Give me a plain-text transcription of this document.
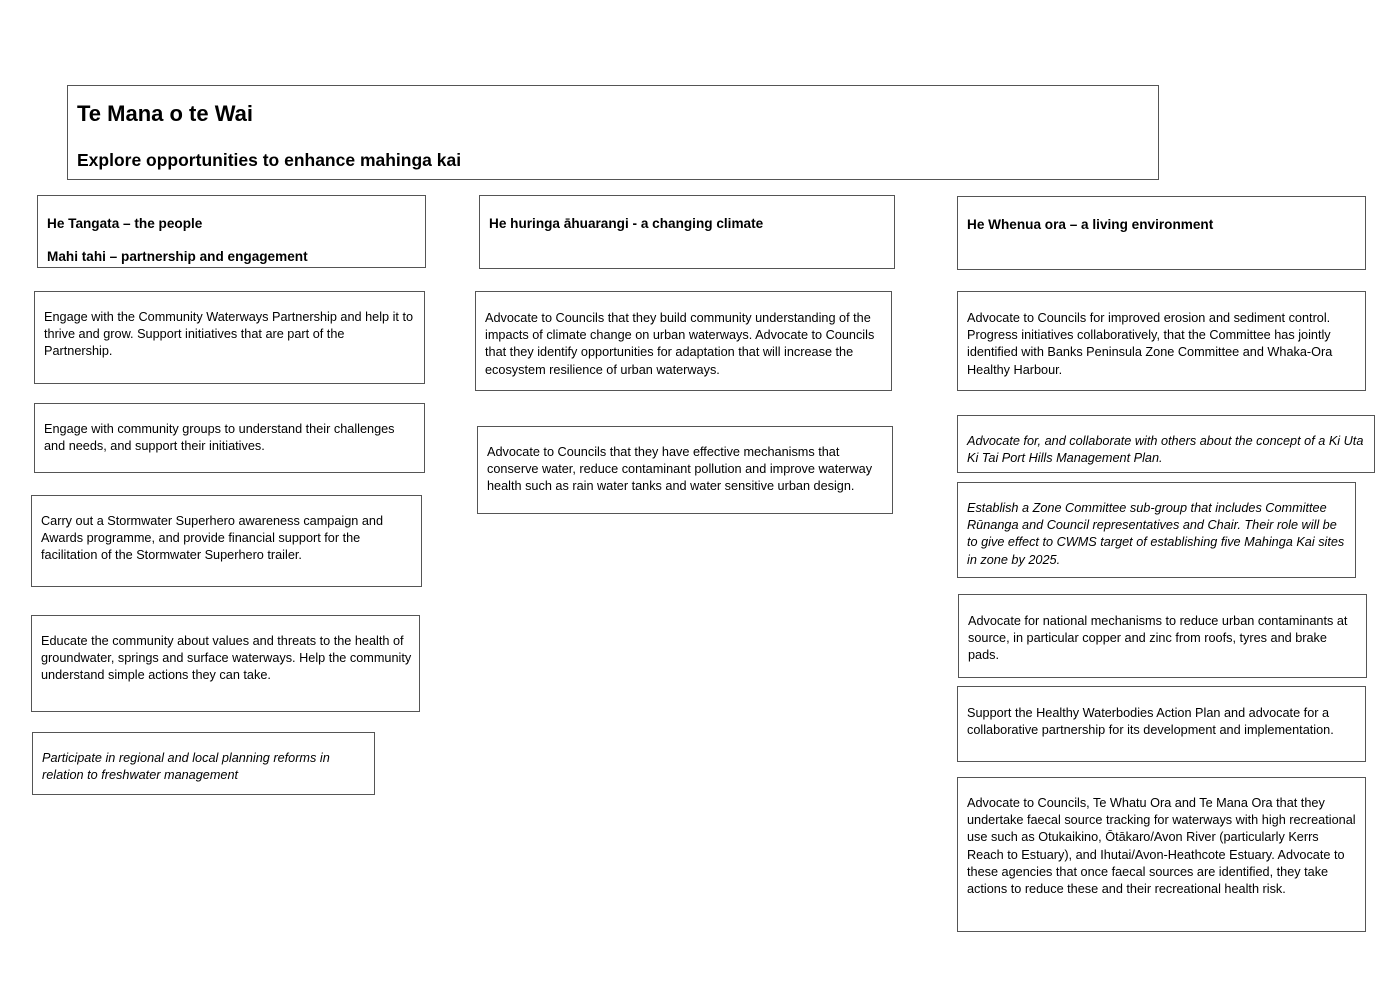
Te Mana o te Wai

Explore opportunities to enhance mahinga kai

He Tangata – the people

Mahi tahi – partnership and engagement

He huringa āhuarangi - a changing climate	He Whenua ora – a living environment

Engage with the Community Waterways Partnership and help it to thrive and grow. Support initiatives that are part of the Partnership.

Engage with community groups to understand their challenges and needs, and support their initiatives.

Carry out a Stormwater Superhero awareness campaign and Awards programme, and provide financial support for the facilitation of the Stormwater Superhero trailer.

Educate the community about values and threats to the health of groundwater, springs and surface waterways. Help the community understand simple actions they can take.

Participate in regional and local planning reforms in relation to freshwater management

Advocate to Councils that they build community understanding of the impacts of climate change on urban waterways. Advocate to Councils that they identify opportunities for adaptation that will increase the ecosystem resilience of urban waterways.

Advocate to Councils that they have effective mechanisms that conserve water, reduce contaminant pollution and improve waterway health such as rain water tanks and water sensitive urban design.

Advocate to Councils for improved erosion and sediment control. Progress initiatives collaboratively, that the Committee has jointly identified with Banks Peninsula Zone Committee and Whaka-Ora Healthy Harbour.

Advocate for, and collaborate with others about the concept of a Ki Uta Ki Tai Port Hills Management Plan.

Establish a Zone Committee sub-group that includes Committee Rūnanga and Council representatives and Chair. Their role will be to give effect to CWMS target of establishing five Mahinga Kai sites in zone by 2025.

Advocate for national mechanisms to reduce urban contaminants at source, in particular copper and zinc from roofs, tyres and brake pads.

Support the Healthy Waterbodies Action Plan and advocate for a collaborative partnership for its development and implementation.

Advocate to Councils, Te Whatu Ora and Te Mana Ora that they undertake faecal source tracking for waterways with high recreational use such as Otukaikino, Ōtākaro/Avon River (particularly Kerrs Reach to Estuary), and Ihutai/Avon-Heathcote Estuary. Advocate to these agencies that once faecal sources are identified, they take actions to reduce these and their recreational health risk.
